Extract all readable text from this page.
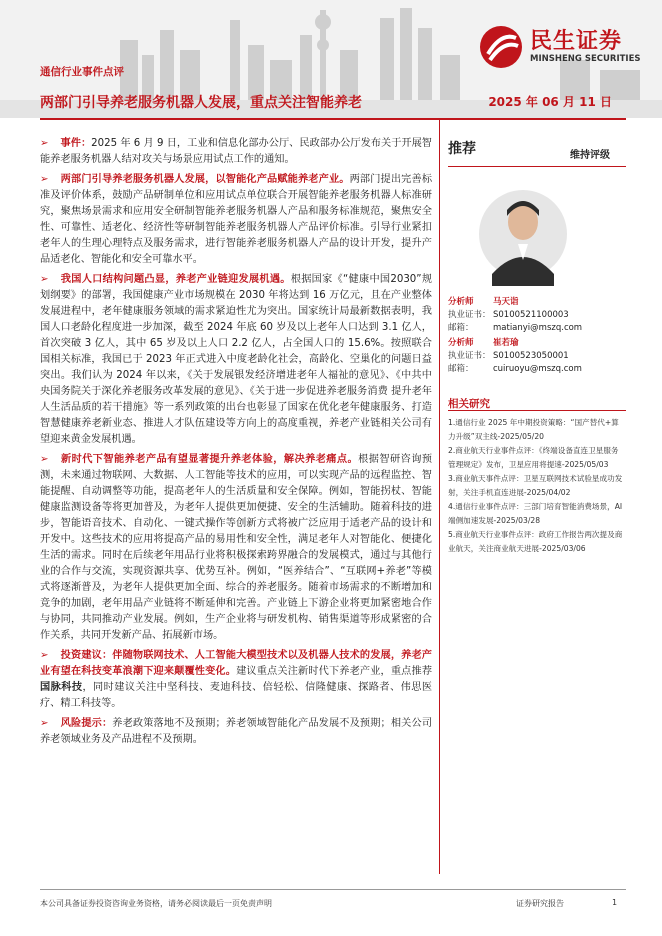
民生证券
MINSHENG SECURITIES
通信行业事件点评
两部门引导养老服务机器人发展，重点关注智能养老	2025 年 06 月 11 日

➢ 事件：2025 年 6 月 9 日，工业和信息化部办公厅、民政部办公厅发布关于开展智能养老服务机器人结对攻关与场景应用试点工作的通知。

➢ 两部门引导养老服务机器人发展，以智能化产品赋能养老产业。两部门提出完善标准及评价体系，鼓励产品研制单位和应用试点单位联合开展智能养老服务机器人标准研究，聚焦场景需求和应用安全研制智能养老服务机器人产品和服务标准规范，聚焦安全性、可靠性、适老化、经济性等研制智能养老服务机器人产品评价标准。引导行业紧扣老年人的生理心理特点及服务需求，进行智能养老服务机器人产品的设计开发，提升产品适老化、智能化和安全可靠水平。

➢ 我国人口结构问题凸显，养老产业链迎发展机遇。根据国家《“健康中国2030”规划纲要》的部署，我国健康产业市场规模在 2030 年将达到 16 万亿元，且在产业整体发展进程中，老年健康服务领域的需求紧迫性尤为突出。国家统计局最新数据表明，我国人口老龄化程度进一步加深，截至 2024 年底 60 岁及以上老年人口达到 3.1 亿人，首次突破 3 亿人，其中 65 岁及以上人口 2.2 亿人，占全国人口的 15.6%。按照联合国相关标准，我国已于 2023 年正式进入中度老龄化社会，高龄化、空巢化的问题日益突出。我们认为 2024 年以来，《关于发展银发经济增进老年人福祉的意见》、《中共中央国务院关于深化养老服务改革发展的意见》、《关于进一步促进养老服务消费 提升老年人生活品质的若干措施》等一系列政策的出台也彰显了国家在优化老年健康服务、打造智慧健康养老新业态、推进人才队伍建设等方向上的高度重视，养老产业链相关公司有望迎来黄金发展机遇。

➢ 新时代下智能养老产品有望显著提升养老体验，解决养老痛点。根据智研咨询预测，未来通过物联网、大数据、人工智能等技术的应用，可以实现产品的远程监控、智能提醒、自动调整等功能，提高老年人的生活质量和安全保障。例如，智能拐杖、智能健康监测设备等将更加普及，为老年人提供更加便捷、安全的生活辅助。随着科技的进步，智能语音技术、自动化、一键式操作等创新方式将被广泛应用于适老产品的设计和开发中。这些技术的应用将提高产品的易用性和安全性，满足老年人对智能化、便捷化生活的需求。同时在后续老年用品行业将积极探索跨界融合的发展模式，通过与其他行业的合作与交流，实现资源共享、优势互补。例如，“医养结合”、“互联网+养老”等模式将逐渐普及，为老年人提供更加全面、综合的养老服务。随着市场需求的不断增加和竞争的加剧，老年用品产业链将不断延伸和完善。产业链上下游企业将更加紧密地合作与协同，共同推动产业发展。例如，生产企业将与研发机构、销售渠道等形成紧密的合作关系，共同开发新产品、拓展新市场。

➢ 投资建议：伴随物联网技术、人工智能大模型技术以及机器人技术的发展，养老产业有望在科技变革浪潮下迎来颠覆性变化。建议重点关注新时代下养老产业，重点推荐国脉科技，同时建议关注中坚科技、麦迪科技、倍轻松、信隆健康、探路者、伟思医疗、精工科技等。

➢ 风险提示：养老政策落地不及预期；养老领域智能化产品发展不及预期；相关公司养老领域业务及产品进程不及预期。

推荐	维持评级
分析师 马天诣
执业证书： S0100521100003
邮箱： matianyi@mszq.com
分析师 崔若瑜
执业证书： S0100523050001
邮箱： cuiruoyu@mszq.com
相关研究
1.通信行业 2025 年中期投资策略：“国产替代+算力升级”双主线-2025/05/20
2.商业航天行业事件点评：《终端设备直连卫星服务管理规定》发布，卫星应用将提速-2025/05/03
3.商业航天事件点评：卫星互联网技术试验星成功发射，关注手机直连进展-2025/04/02
4.通信行业事件点评：三部门培育智能消费场景，AI 端侧加速发展-2025/03/28
5.商业航天行业事件点评：政府工作报告两次提及商业航天，关注商业航天进展-2025/03/06
本公司具备证券投资咨询业务资格，请务必阅读最后一页免责声明	证券研究报告	1
